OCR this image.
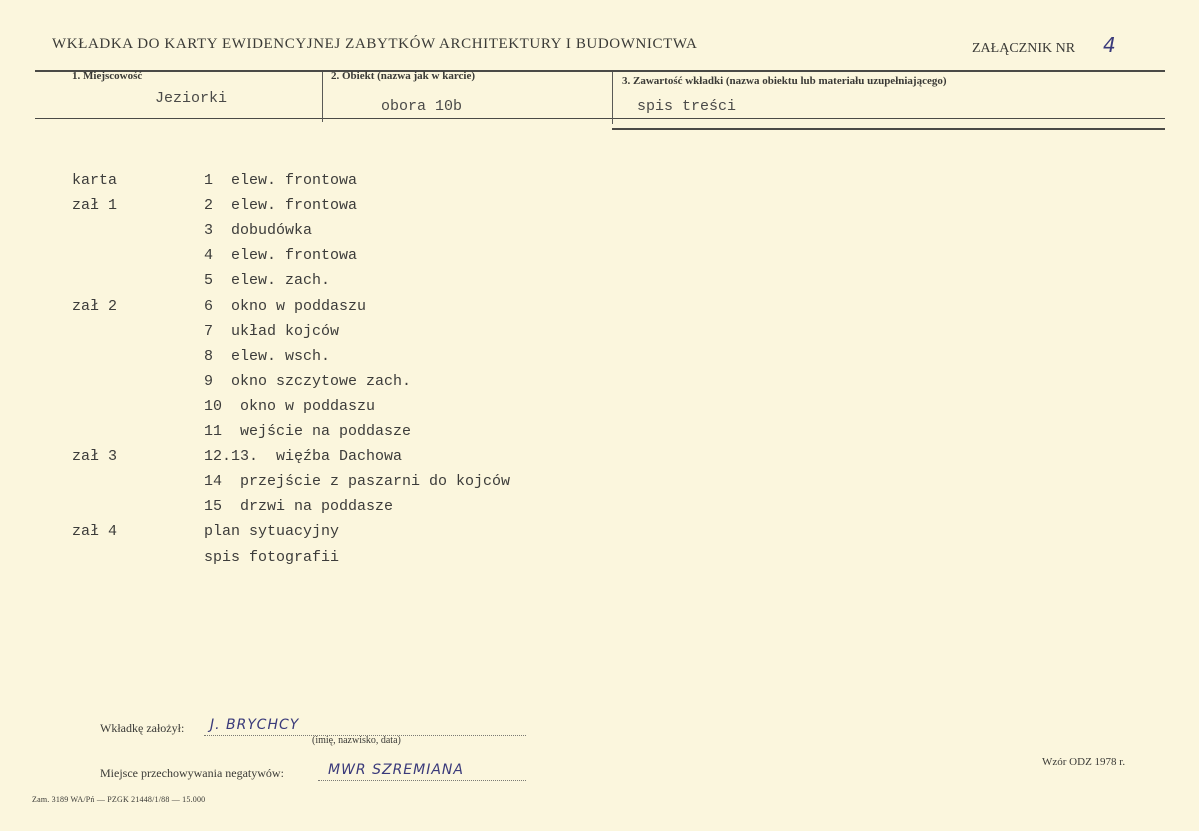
WKŁADKA DO KARTY EWIDENCYJNEJ ZABYTKÓW ARCHITEKTURY I BUDOWNICTWA	ZAŁĄCZNIK NR 4
1. Miejscowość
Jeziorki
2. Obiekt (nazwa jak w karcie)
obora 10b
3. Zawartość wkładki (nazwa obiektu lub materiału uzupełniającego)
spis treści
karta	1  elew. frontowa
zał 1	2  elew. frontowa
3  dobudówka
4  elew. frontowa
5  elew. zach.
zał 2	6  okno w poddaszu
7  układ kojców
8  elew. wsch.
9  okno szczytowe zach.
10  okno w poddaszu
11  wejście na poddasze
zał 3	12.13.  więźba Dachowa
14  przejście z paszarni do kojców
15  drzwi na poddasze
zał 4	plan sytuacyjny
spis fotografii
Wkładkę założył: J. BRYCHCY
(imię, nazwisko, data)
Miejsce przechowywania negatywów:	MWR SZREMIANA	Wzór ODZ 1978 r.
Zam. 3189 WA/Pń — PZGK 21448/1/88 — 15.000
